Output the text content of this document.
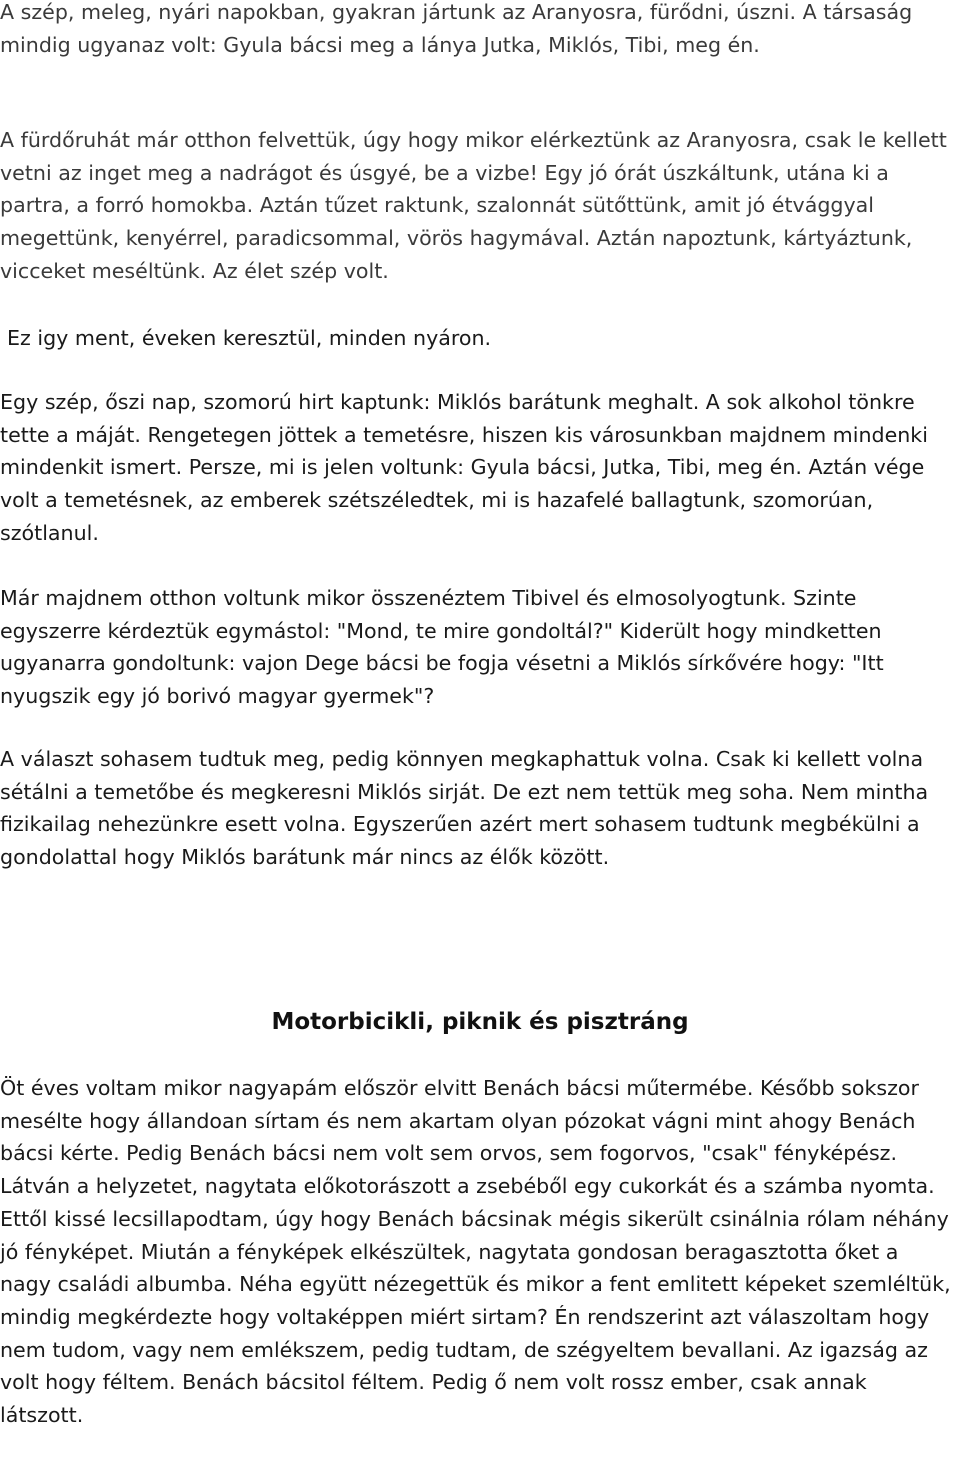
A szép, meleg, nyári napokban, gyakran jártunk az Aranyosra, fürődni, úszni. A társaság mindig ugyanaz volt: Gyula bácsi meg a lánya Jutka, Miklós, Tibi, meg én.

A fürdőruhát már otthon felvettük, úgy hogy mikor elérkeztünk az Aranyosra, csak le kellett vetni az inget meg a nadrágot és úsgyé, be a vizbe! Egy jó órát úszkáltunk, utána ki a partra, a forró homokba. Aztán tűzet raktunk, szalonnát sütőttünk, amit jó étvággyal megettünk, kenyérrel, paradicsommal, vörös hagymával. Aztán napoztunk, kártyáztunk, vicceket meséltünk. Az élet szép volt.

Ez igy ment, éveken keresztül, minden nyáron.

Egy szép, őszi nap, szomorú hirt kaptunk: Miklós barátunk meghalt. A sok alkohol tönkre tette a máját. Rengetegen jöttek a temetésre, hiszen kis városunkban majdnem mindenki mindenkit ismert. Persze, mi is jelen voltunk: Gyula bácsi, Jutka, Tibi, meg én. Aztán vége volt a temetésnek, az emberek szétszéledtek, mi is hazafelé ballagtunk, szomorúan, szótlanul.

Már majdnem otthon voltunk mikor összenéztem Tibivel és elmosolyogtunk. Szinte egyszerre kérdeztük egymástol: "Mond, te mire gondoltál?" Kiderült hogy mindketten ugyanarra gondoltunk: vajon Dege bácsi be fogja vésetni a Miklós sírkővére hogy: "Itt nyugszik egy jó borivó magyar gyermek"?

A választ sohasem tudtuk meg, pedig könnyen megkaphattuk volna. Csak ki kellett volna sétálni a temetőbe és megkeresni Miklós sirját. De ezt nem tettük meg soha. Nem mintha fizikailag nehezünkre esett volna. Egyszerűen azért mert sohasem tudtunk megbékülni a gondolattal hogy Miklós barátunk már nincs az élők között.

Motorbicikli, piknik és pisztráng

Öt éves voltam mikor nagyapám először elvitt Benách bácsi műtermébe. Később sokszor mesélte hogy állandoan sírtam és nem akartam olyan pózokat vágni mint ahogy Benách bácsi kérte. Pedig Benách bácsi nem volt sem orvos, sem fogorvos, "csak" fényképész. Látván a helyzetet, nagytata előkotorászott a zsebéből egy cukorkát és a számba nyomta. Ettől kissé lecsillapodtam, úgy hogy Benách bácsinak mégis sikerült csinálnia rólam néhány jó fényképet. Miután a fényképek elkészültek, nagytata gondosan beragasztotta őket a nagy családi albumba. Néha együtt nézegettük és mikor a fent emlitett képeket szemléltük, mindig megkérdezte hogy voltaképpen miért sirtam? Én rendszerint azt válaszoltam hogy nem tudom, vagy nem emlékszem, pedig tudtam, de szégyeltem bevallani. Az igazság az volt hogy féltem. Benách bácsitol féltem. Pedig ő nem volt rossz ember, csak annak látszott.
